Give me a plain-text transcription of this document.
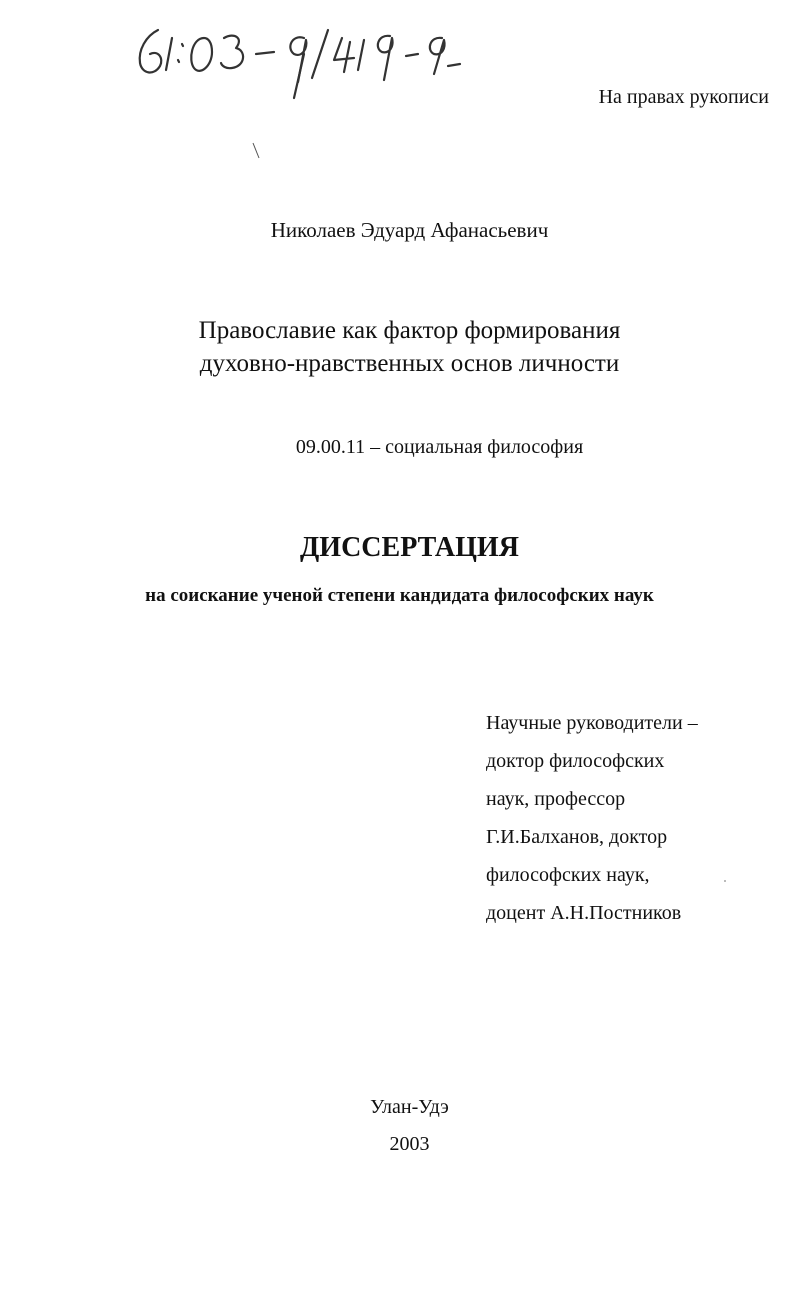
На правах рукописи
Николаев Эдуард Афанасьевич
Православие как фактор формирования
духовно-нравственных основ личности
09.00.11 – социальная философия
ДИССЕРТАЦИЯ
на соискание ученой степени кандидата философских наук
Научные руководители –
доктор философских
наук, профессор
Г.И.Балханов, доктор
философских наук,
доцент А.Н.Постников
Улан-Удэ
2003
